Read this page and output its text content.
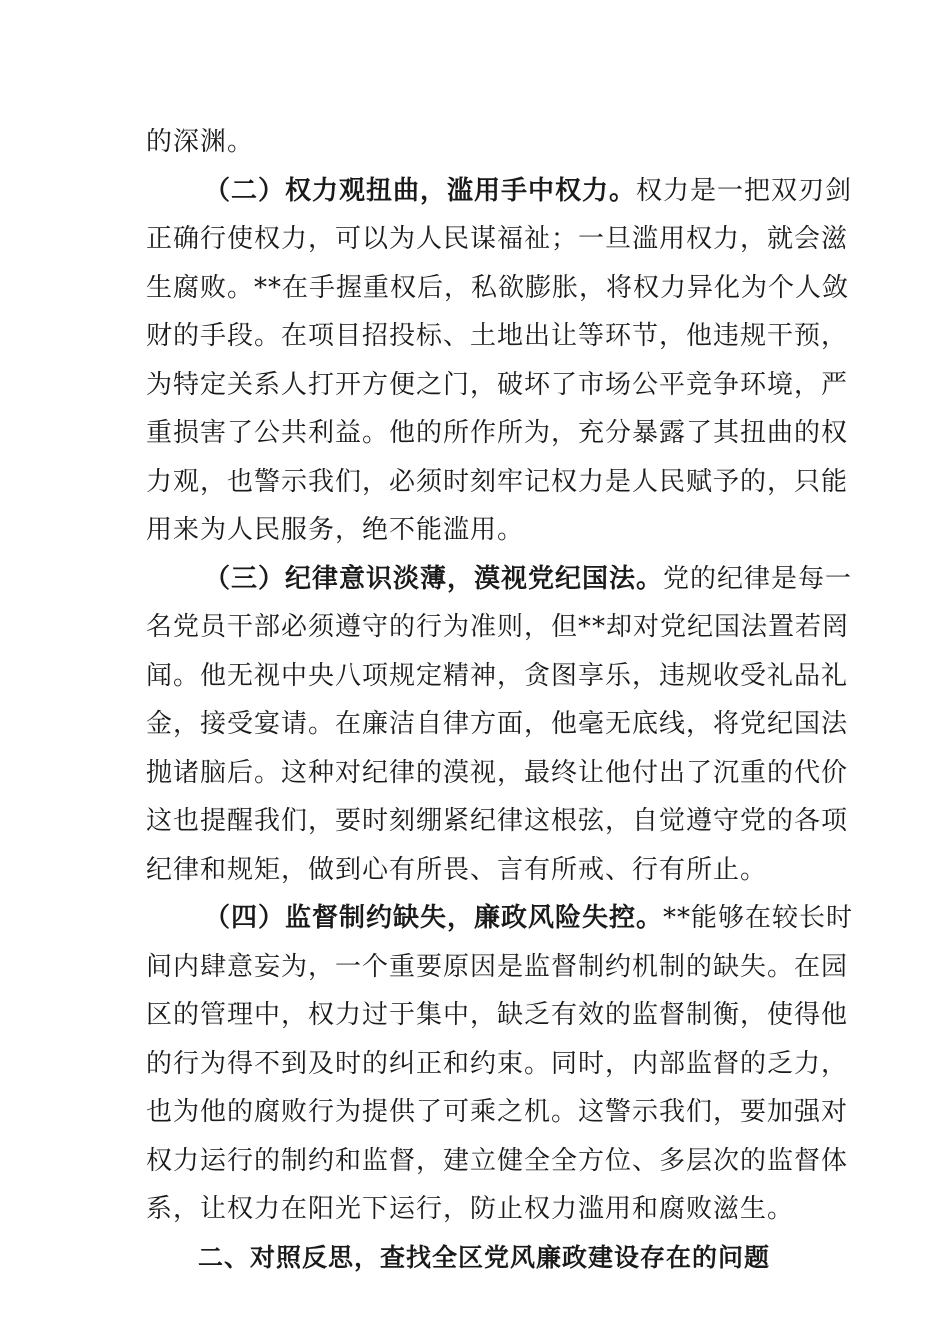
的深渊。
（二）权力观扭曲，滥用手中权力。权力是一把双刃剑
正确行使权力，可以为人民谋福祉；一旦滥用权力，就会滋
生腐败。**在手握重权后，私欲膨胀，将权力异化为个人敛
财的手段。在项目招投标、土地出让等环节，他违规干预，
为特定关系人打开方便之门，破坏了市场公平竞争环境，严
重损害了公共利益。他的所作所为，充分暴露了其扭曲的权
力观，也警示我们，必须时刻牢记权力是人民赋予的，只能
用来为人民服务，绝不能滥用。
（三）纪律意识淡薄，漠视党纪国法。党的纪律是每一
名党员干部必须遵守的行为准则，但**却对党纪国法置若罔
闻。他无视中央八项规定精神，贪图享乐，违规收受礼品礼
金，接受宴请。在廉洁自律方面，他毫无底线，将党纪国法
抛诸脑后。这种对纪律的漠视，最终让他付出了沉重的代价
这也提醒我们，要时刻绷紧纪律这根弦，自觉遵守党的各项
纪律和规矩，做到心有所畏、言有所戒、行有所止。
（四）监督制约缺失，廉政风险失控。**能够在较长时
间内肆意妄为，一个重要原因是监督制约机制的缺失。在园
区的管理中，权力过于集中，缺乏有效的监督制衡，使得他
的行为得不到及时的纠正和约束。同时，内部监督的乏力，
也为他的腐败行为提供了可乘之机。这警示我们，要加强对
权力运行的制约和监督，建立健全全方位、多层次的监督体
系，让权力在阳光下运行，防止权力滥用和腐败滋生。
二、对照反思，查找全区党风廉政建设存在的问题
